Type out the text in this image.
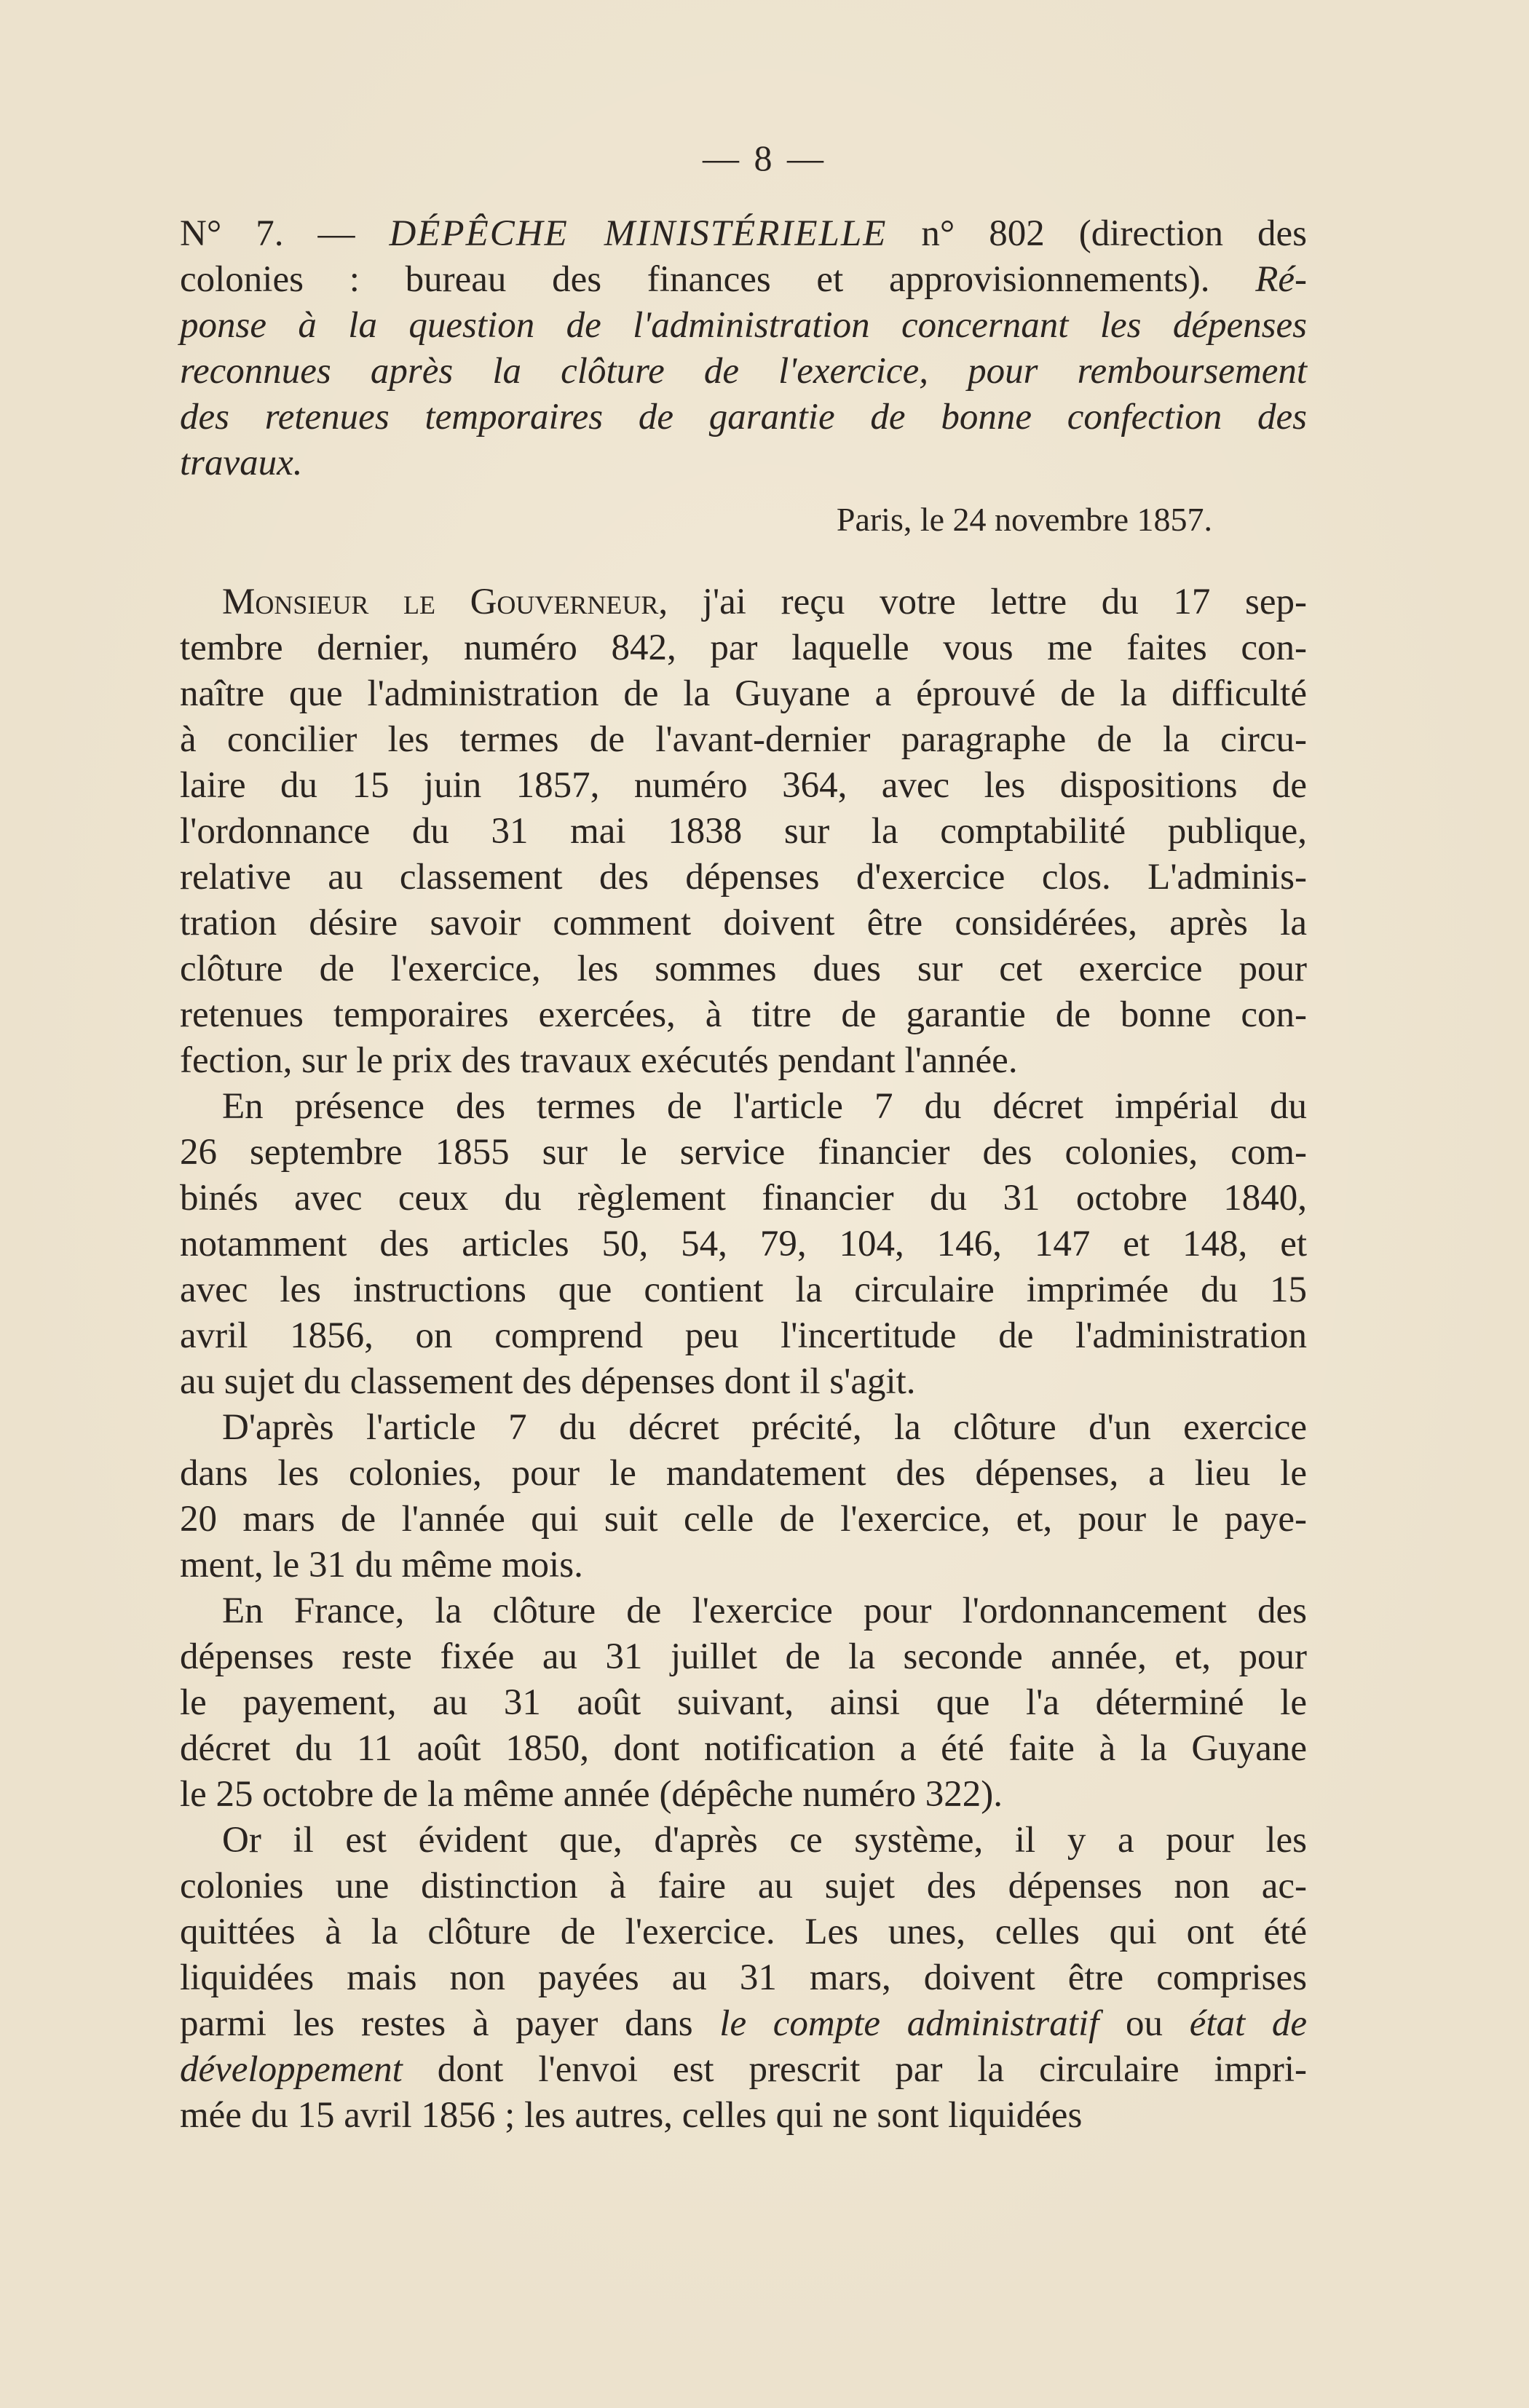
— 8 —
N° 7. — DÉPÊCHE MINISTÉRIELLE n° 802 (direction des
colonies : bureau des finances et approvisionnements). Ré-
ponse à la question de l'administration concernant les dépenses
reconnues après la clôture de l'exercice, pour remboursement
des retenues temporaires de garantie de bonne confection des
travaux.
Paris, le 24 novembre 1857.
Monsieur le Gouverneur, j'ai reçu votre lettre du 17 sep-
tembre dernier, numéro 842, par laquelle vous me faites con-
naître que l'administration de la Guyane a éprouvé de la difficulté
à concilier les termes de l'avant-dernier paragraphe de la circu-
laire du 15 juin 1857, numéro 364, avec les dispositions de
l'ordonnance du 31 mai 1838 sur la comptabilité publique,
relative au classement des dépenses d'exercice clos. L'adminis-
tration désire savoir comment doivent être considérées, après la
clôture de l'exercice, les sommes dues sur cet exercice pour
retenues temporaires exercées, à titre de garantie de bonne con-
fection, sur le prix des travaux exécutés pendant l'année.
En présence des termes de l'article 7 du décret impérial du
26 septembre 1855 sur le service financier des colonies, com-
binés avec ceux du règlement financier du 31 octobre 1840,
notamment des articles 50, 54, 79, 104, 146, 147 et 148, et
avec les instructions que contient la circulaire imprimée du 15
avril 1856, on comprend peu l'incertitude de l'administration
au sujet du classement des dépenses dont il s'agit.
D'après l'article 7 du décret précité, la clôture d'un exercice
dans les colonies, pour le mandatement des dépenses, a lieu le
20 mars de l'année qui suit celle de l'exercice, et, pour le paye-
ment, le 31 du même mois.
En France, la clôture de l'exercice pour l'ordonnancement des
dépenses reste fixée au 31 juillet de la seconde année, et, pour
le payement, au 31 août suivant, ainsi que l'a déterminé le
décret du 11 août 1850, dont notification a été faite à la Guyane
le 25 octobre de la même année (dépêche numéro 322).
Or il est évident que, d'après ce système, il y a pour les
colonies une distinction à faire au sujet des dépenses non ac-
quittées à la clôture de l'exercice. Les unes, celles qui ont été
liquidées mais non payées au 31 mars, doivent être comprises
parmi les restes à payer dans le compte administratif ou état de
développement dont l'envoi est prescrit par la circulaire impri-
mée du 15 avril 1856 ; les autres, celles qui ne sont liquidées
